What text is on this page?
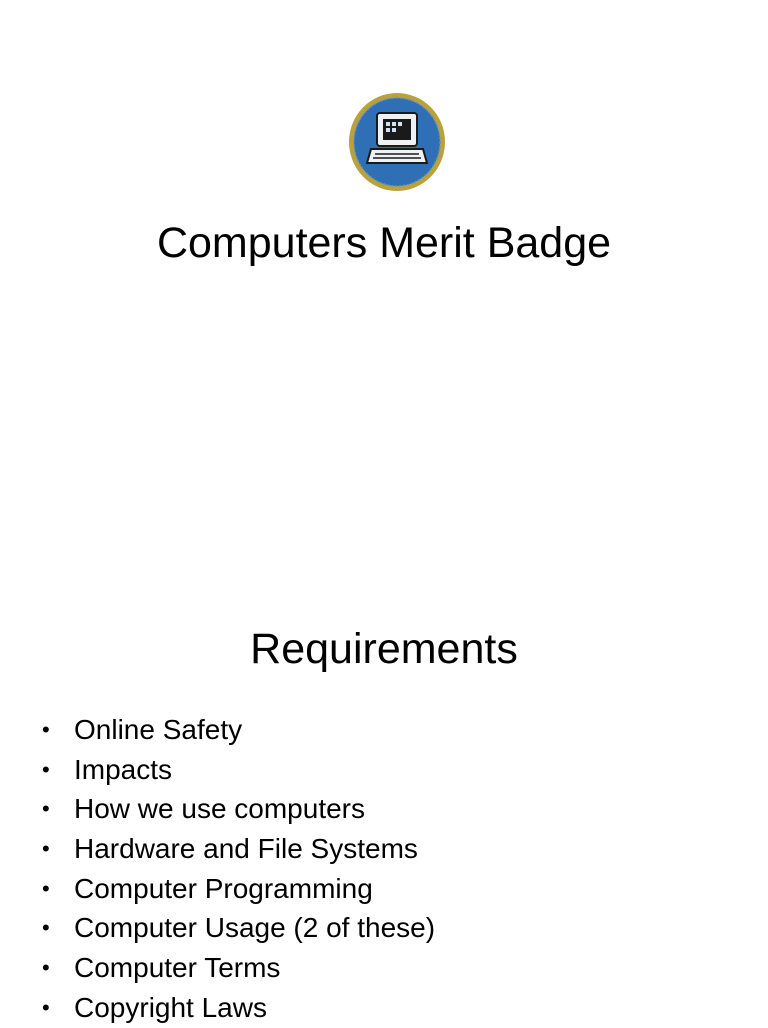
Computers Merit Badge
Requirements
• Online Safety
• Impacts
• How we use computers
• Hardware and File Systems
• Computer Programming
• Computer Usage (2 of these)
• Computer Terms
• Copyright Laws
